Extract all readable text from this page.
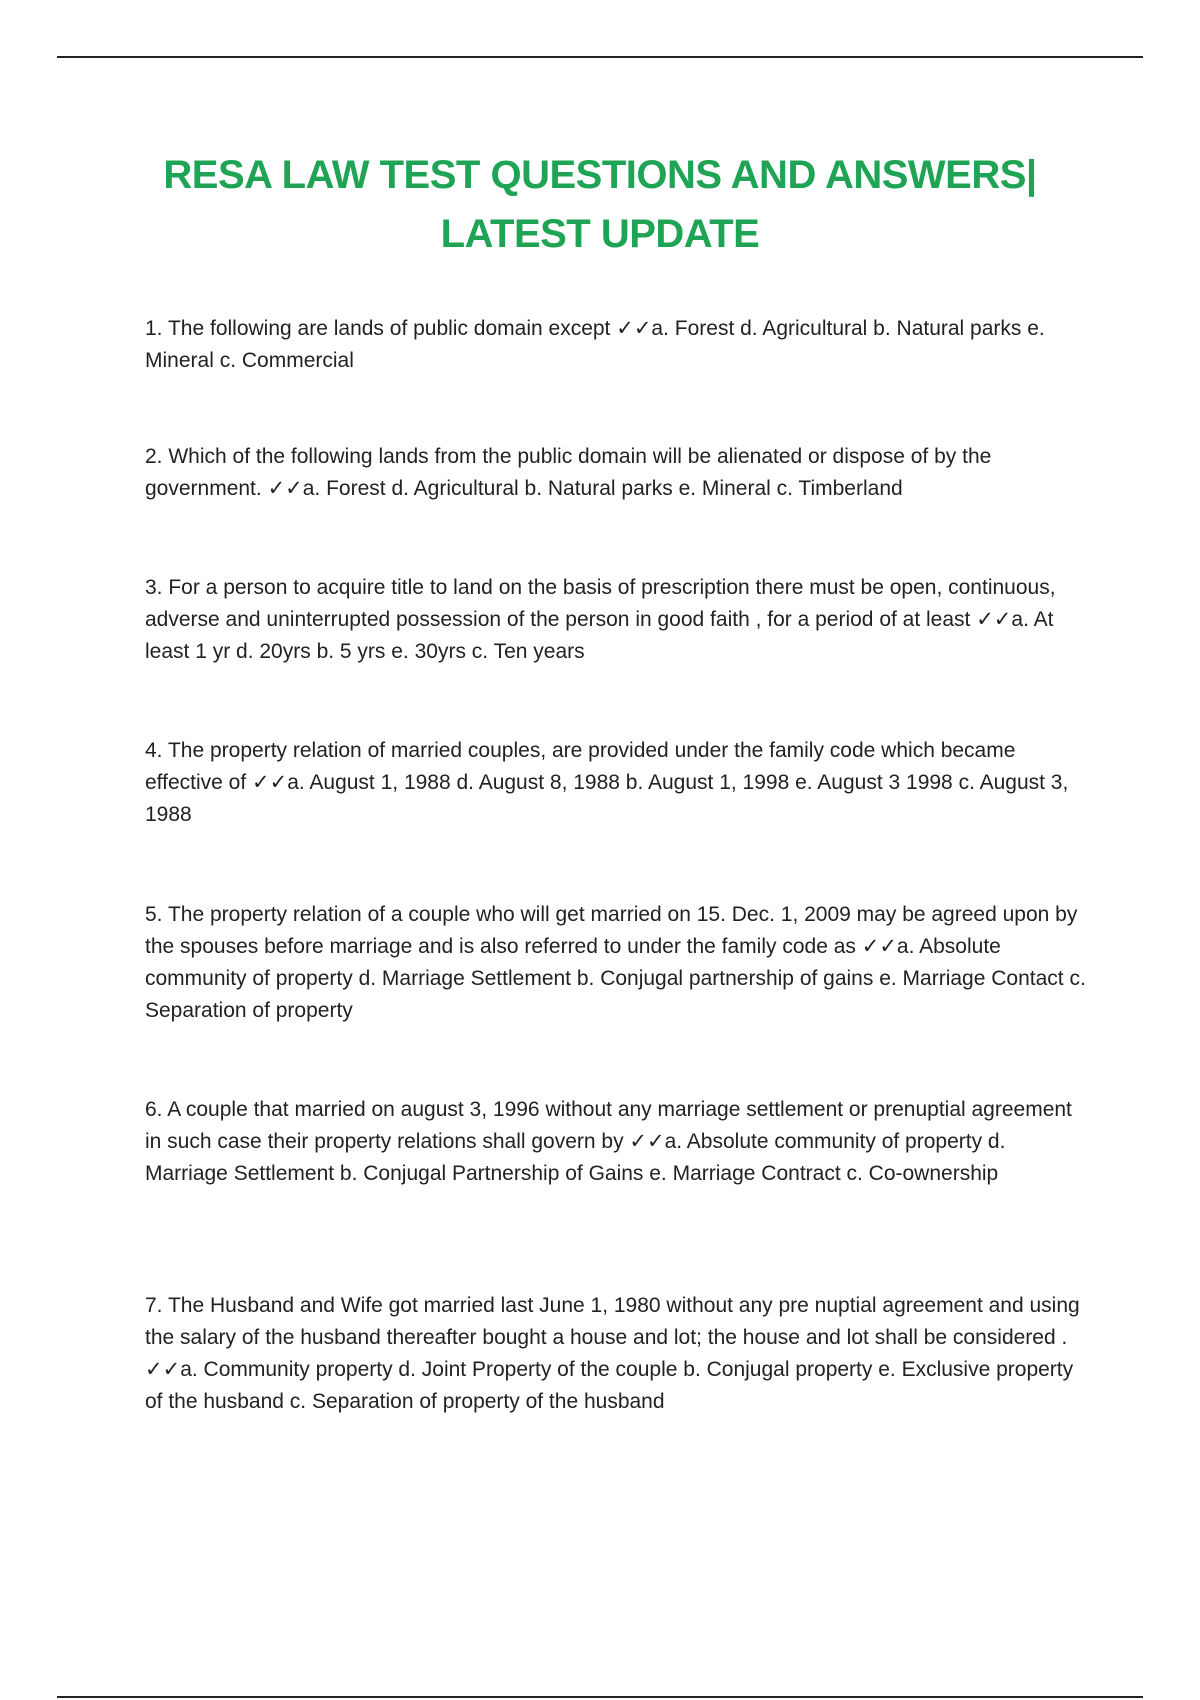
RESA LAW TEST QUESTIONS AND ANSWERS|
LATEST UPDATE

1. The following are lands of public domain except ✓✓a. Forest d. Agricultural b. Natural parks e. Mineral c. Commercial

2. Which of the following lands from the public domain will be alienated or dispose of by the government. ✓✓a. Forest d. Agricultural b. Natural parks e. Mineral c. Timberland

3. For a person to acquire title to land on the basis of prescription there must be open, continuous, adverse and uninterrupted possession of the person in good faith , for a period of at least ✓✓a. At least 1 yr d. 20yrs b. 5 yrs e. 30yrs c. Ten years

4. The property relation of married couples, are provided under the family code which became effective of ✓✓a. August 1, 1988 d. August 8, 1988 b. August 1, 1998 e. August 3 1998 c. August 3, 1988

5. The property relation of a couple who will get married on 15. Dec. 1, 2009 may be agreed upon by the spouses before marriage and is also referred to under the family code as ✓✓a. Absolute community of property d. Marriage Settlement b. Conjugal partnership of gains e. Marriage Contact c. Separation of property

6. A couple that married on august 3, 1996 without any marriage settlement or prenuptial agreement in such case their property relations shall govern by ✓✓a. Absolute community of property d. Marriage Settlement b. Conjugal Partnership of Gains e. Marriage Contract c. Co-ownership

7. The Husband and Wife got married last June 1, 1980 without any pre nuptial agreement and using the salary of the husband thereafter bought a house and lot; the house and lot shall be considered . ✓✓a. Community property d. Joint Property of the couple b. Conjugal property e. Exclusive property of the husband c. Separation of property of the husband
